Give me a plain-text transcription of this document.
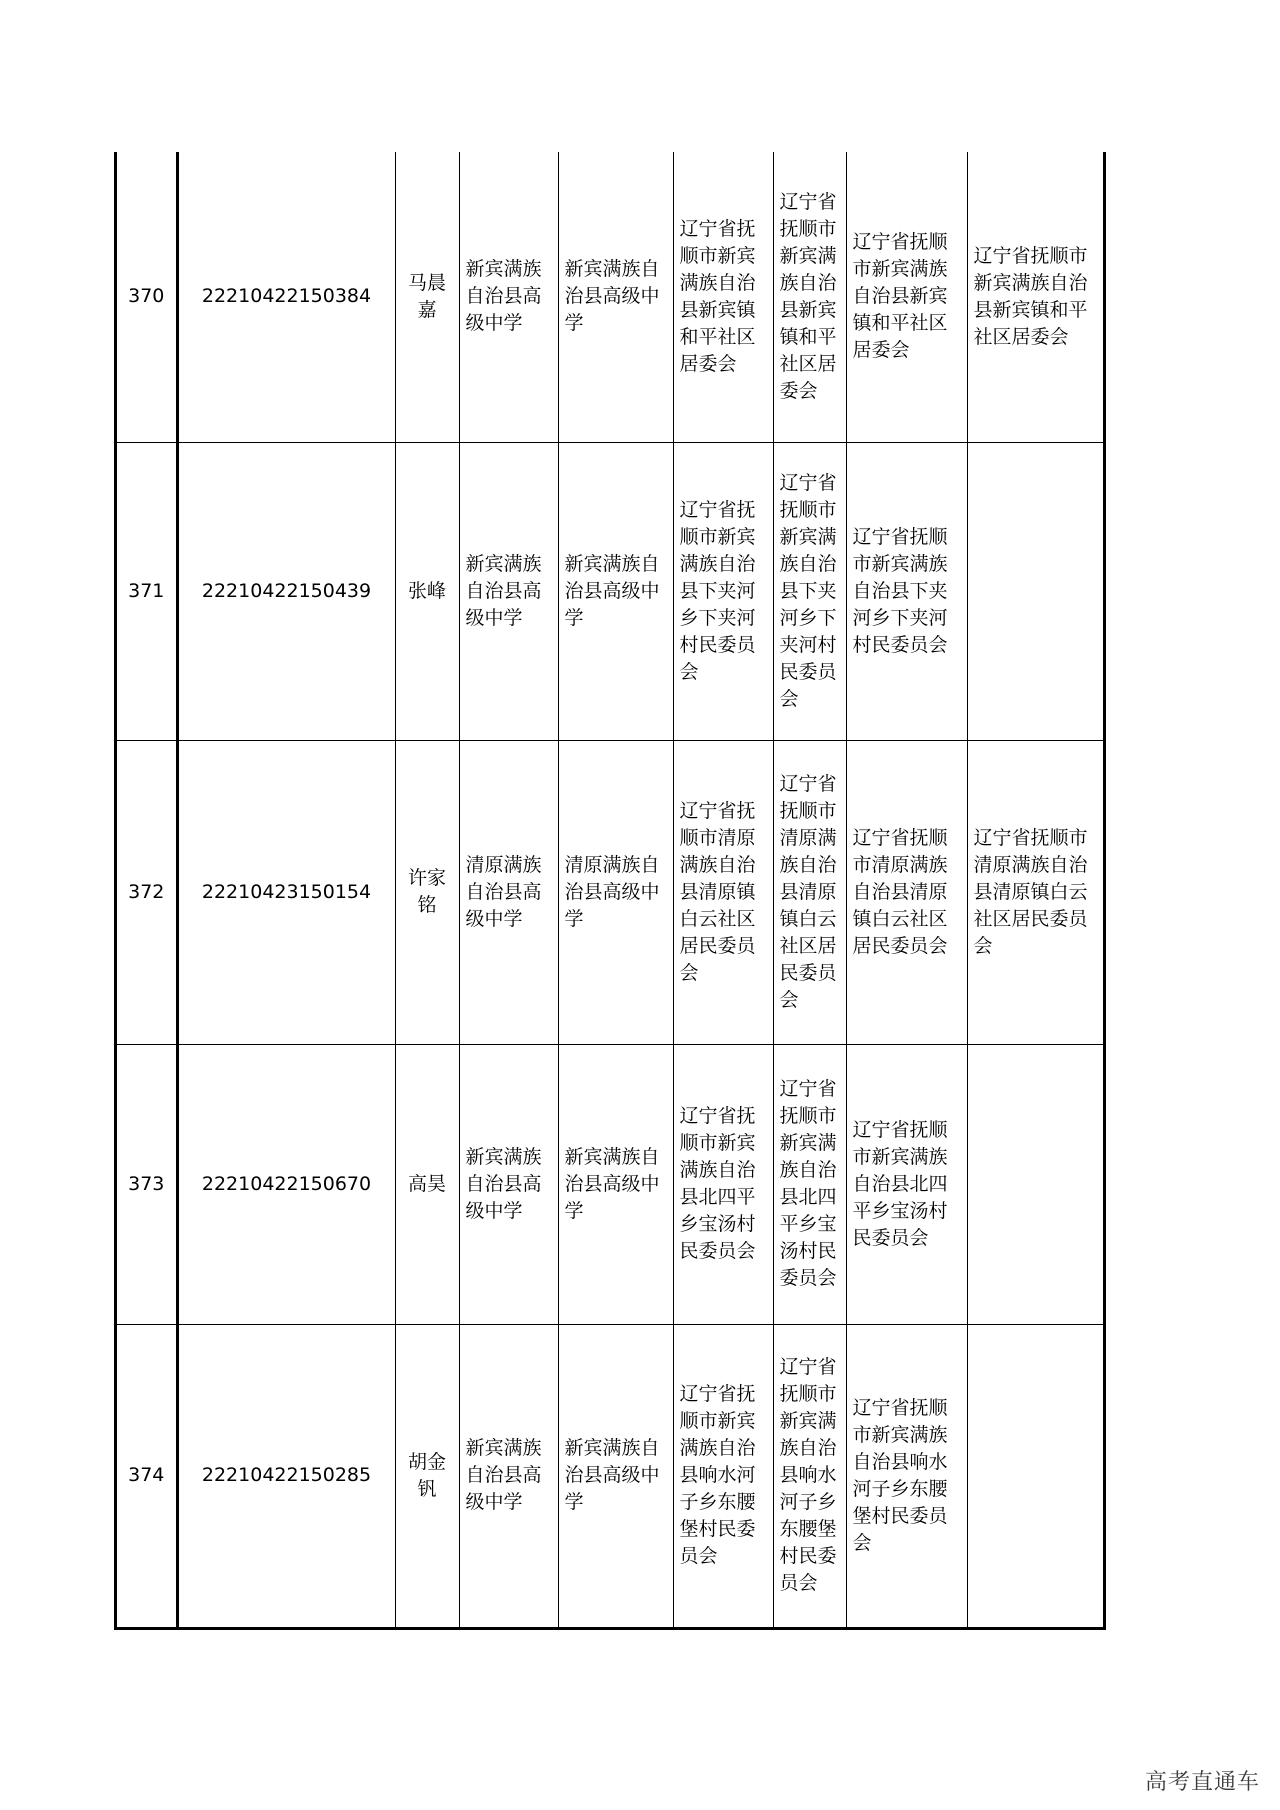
370	22210422150384	马晨嘉	新宾满族自治县高级中学	新宾满族自治县高级中学	辽宁省抚顺市新宾满族自治县新宾镇和平社区居委会	辽宁省抚顺市新宾满族自治县新宾镇和平社区居委会	辽宁省抚顺市新宾满族自治县新宾镇和平社区居委会	辽宁省抚顺市新宾满族自治县新宾镇和平社区居委会
371	22210422150439	张峰	新宾满族自治县高级中学	新宾满族自治县高级中学	辽宁省抚顺市新宾满族自治县下夹河乡下夹河村民委员会	辽宁省抚顺市新宾满族自治县下夹河乡下夹河村民委员会	辽宁省抚顺市新宾满族自治县下夹河乡下夹河村民委员会	
372	22210423150154	许家铭	清原满族自治县高级中学	清原满族自治县高级中学	辽宁省抚顺市清原满族自治县清原镇白云社区居民委员会	辽宁省抚顺市清原满族自治县清原镇白云社区居民委员会	辽宁省抚顺市清原满族自治县清原镇白云社区居民委员会	辽宁省抚顺市清原满族自治县清原镇白云社区居民委员会
373	22210422150670	高昊	新宾满族自治县高级中学	新宾满族自治县高级中学	辽宁省抚顺市新宾满族自治县北四平乡宝汤村民委员会	辽宁省抚顺市新宾满族自治县北四平乡宝汤村民委员会	辽宁省抚顺市新宾满族自治县北四平乡宝汤村民委员会	
374	22210422150285	胡金钒	新宾满族自治县高级中学	新宾满族自治县高级中学	辽宁省抚顺市新宾满族自治县响水河子乡东腰堡村民委员会	辽宁省抚顺市新宾满族自治县响水河子乡东腰堡村民委员会	辽宁省抚顺市新宾满族自治县响水河子乡东腰堡村民委员会	
高考直通车
